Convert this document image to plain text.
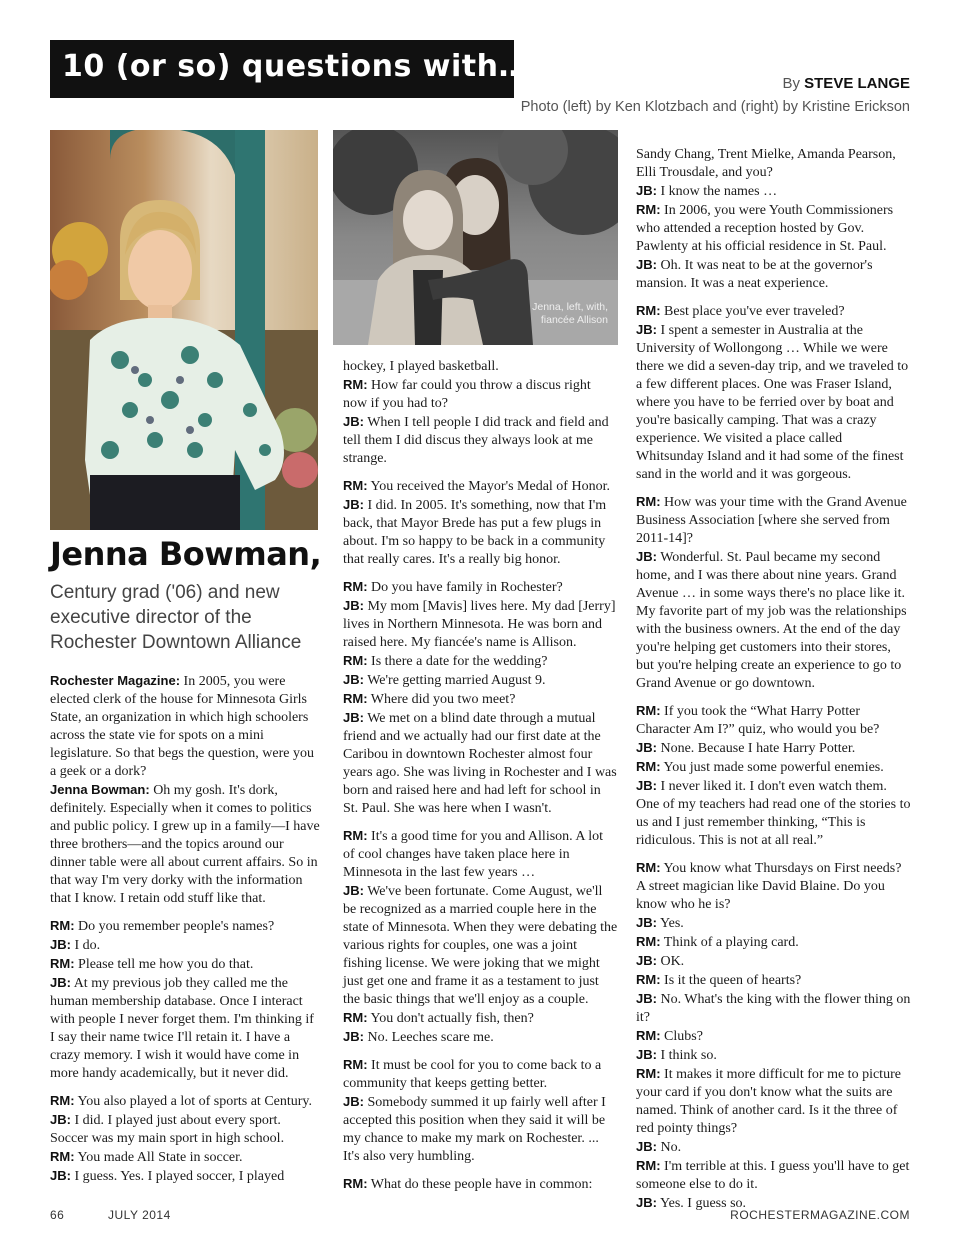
10 (or so) questions with…	By STEVE LANGE
Photo (left) by Ken Klotzbach and (right) by Kristine Erickson
Jenna, left, with,
fiancée Allison
Jenna Bowman,
Century grad ('06) and new executive director of the Rochester Downtown Alliance

Rochester Magazine: In 2005, you were elected clerk of the house for Minnesota Girls State, an organization in which high schoolers across the state vie for spots on a mini legislature. So that begs the question, were you a geek or a dork?
Jenna Bowman: Oh my gosh. It's dork, definitely. Especially when it comes to politics and public policy. I grew up in a family—I have three brothers—and the topics around our dinner table were all about current affairs. So in that way I'm very dorky with the information that I know. I retain odd stuff like that.

RM: Do you remember people's names?
JB: I do.
RM: Please tell me how you do that.
JB: At my previous job they called me the human membership database. Once I interact with people I never forget them. I'm thinking if I say their name twice I'll retain it. I have a crazy memory. I wish it would have come in more handy academically, but it never did.

RM: You also played a lot of sports at Century.
JB: I did. I played just about every sport. Soccer was my main sport in high school.
RM: You made All State in soccer.
JB: I guess. Yes. I played soccer, I played

hockey, I played basketball.
RM: How far could you throw a discus right now if you had to?
JB: When I tell people I did track and field and tell them I did discus they always look at me strange.

RM: You received the Mayor's Medal of Honor.
JB: I did. In 2005. It's something, now that I'm back, that Mayor Brede has put a few plugs in about. I'm so happy to be back in a community that really cares. It's a really big honor.

RM: Do you have family in Rochester?
JB: My mom [Mavis] lives here. My dad [Jerry] lives in Northern Minnesota. He was born and raised here. My fiancée's name is Allison.
RM: Is there a date for the wedding?
JB: We're getting married August 9.
RM: Where did you two meet?
JB: We met on a blind date through a mutual friend and we actually had our first date at the Caribou in downtown Rochester almost four years ago. She was living in Rochester and I was born and raised here and had left for school in St. Paul. She was here when I wasn't.

RM: It's a good time for you and Allison. A lot of cool changes have taken place here in Minnesota in the last few years …
JB: We've been fortunate. Come August, we'll be recognized as a married couple here in the state of Minnesota. When they were debating the various rights for couples, one was a joint fishing license. We were joking that we might just get one and frame it as a testament to just the basic things that we'll enjoy as a couple.
RM: You don't actually fish, then?
JB: No. Leeches scare me.

RM: It must be cool for you to come back to a community that keeps getting better.
JB: Somebody summed it up fairly well after I accepted this position when they said it will be my chance to make my mark on Rochester. ... It's also very humbling.

RM: What do these people have in common:

Sandy Chang, Trent Mielke, Amanda Pearson, Elli Trousdale, and you?
JB: I know the names …
RM: In 2006, you were Youth Commissioners who attended a reception hosted by Gov. Pawlenty at his official residence in St. Paul.
JB: Oh. It was neat to be at the governor's mansion. It was a neat experience.

RM: Best place you've ever traveled?
JB: I spent a semester in Australia at the University of Wollongong … While we were there we did a seven-day trip, and we traveled to a few different places. One was Fraser Island, where you have to be ferried over by boat and you're basically camping. That was a crazy experience. We visited a place called Whitsunday Island and it had some of the finest sand in the world and it was gorgeous.

RM: How was your time with the Grand Avenue Business Association [where she served from 2011-14]?
JB: Wonderful. St. Paul became my second home, and I was there about nine years. Grand Avenue … in some ways there's no place like it. My favorite part of my job was the relationships with the business owners. At the end of the day you're helping get customers into their stores, but you're helping create an experience to go to Grand Avenue or go downtown.

RM: If you took the “What Harry Potter Character Am I?” quiz, who would you be?
JB: None. Because I hate Harry Potter.
RM: You just made some powerful enemies.
JB: I never liked it. I don't even watch them. One of my teachers had read one of the stories to us and I just remember thinking, “This is ridiculous. This is not at all real.”

RM: You know what Thursdays on First needs? A street magician like David Blaine. Do you know who he is?
JB: Yes.
RM: Think of a playing card.
JB: OK.
RM: Is it the queen of hearts?
JB: No. What's the king with the flower thing on it?
RM: Clubs?
JB: I think so.
RM: It makes it more difficult for me to picture your card if you don't know what the suits are named. Think of another card. Is it the three of red pointy things?
JB: No.
RM: I'm terrible at this. I guess you'll have to get someone else to do it.
JB: Yes. I guess so.

66	JULY 2014	ROCHESTERMAGAZINE.COM
